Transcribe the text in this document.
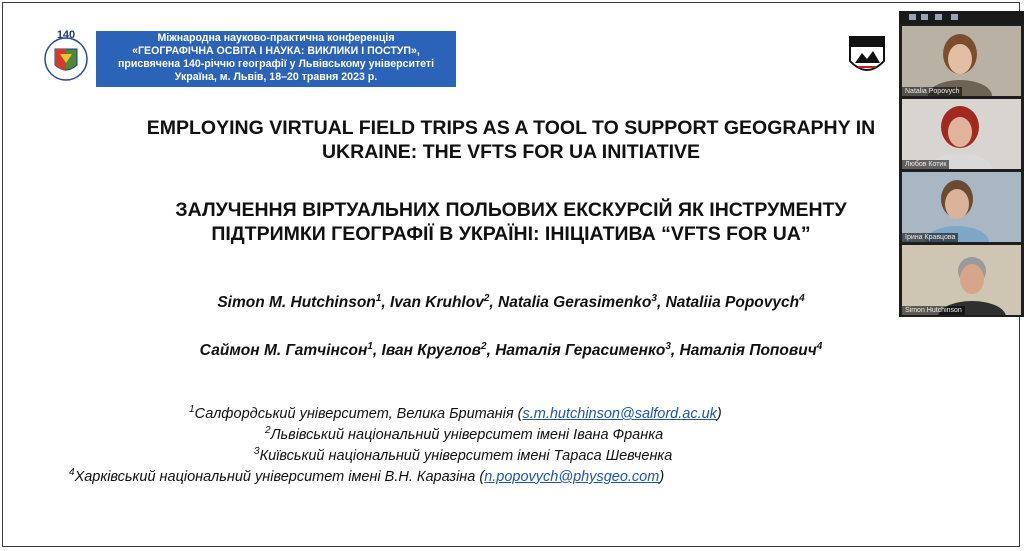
140	Міжнародна науково-практична конференція
«ГЕОГРАФІЧНА ОСВІТА І НАУКА: ВИКЛИКИ І ПОСТУП»,
присвячена 140-річчю географії у Львівському університеті
Україна, м. Львів, 18–20 травня 2023 р.
EMPLOYING VIRTUAL FIELD TRIPS AS A TOOL TO SUPPORT GEOGRAPHY IN
UKRAINE: THE VFTS FOR UA INITIATIVE
ЗАЛУЧЕННЯ ВІРТУАЛЬНИХ ПОЛЬОВИХ ЕКСКУРСІЙ ЯК ІНСТРУМЕНТУ
ПІДТРИМКИ ГЕОГРАФІЇ В УКРАЇНІ: ІНІЦІАТИВА “VFTS FOR UA”
Simon M. Hutchinson$^1$, Ivan Kruhlov$^2$, Natalia Gerasimenko$^3$, Nataliia Popovych$^4$
Саймон М. Гатчінсон$^1$, Іван Круглов$^2$, Наталія Герасименко$^3$, Наталія Попович$^4$
$^1$Салфордський університет, Велика Британія (s.m.hutchinson@salford.ac.uk)
$^2$Львівський національний університет імені Івана Франка
$^3$Київський національний університет імені Тараса Шевченка
$^4$Харківський національний університет імені В.Н. Каразіна (n.popovych@physgeo.com)
Natalia Popovych
Любов Котик
Ірина Кравцова
Simon Hutchinson
